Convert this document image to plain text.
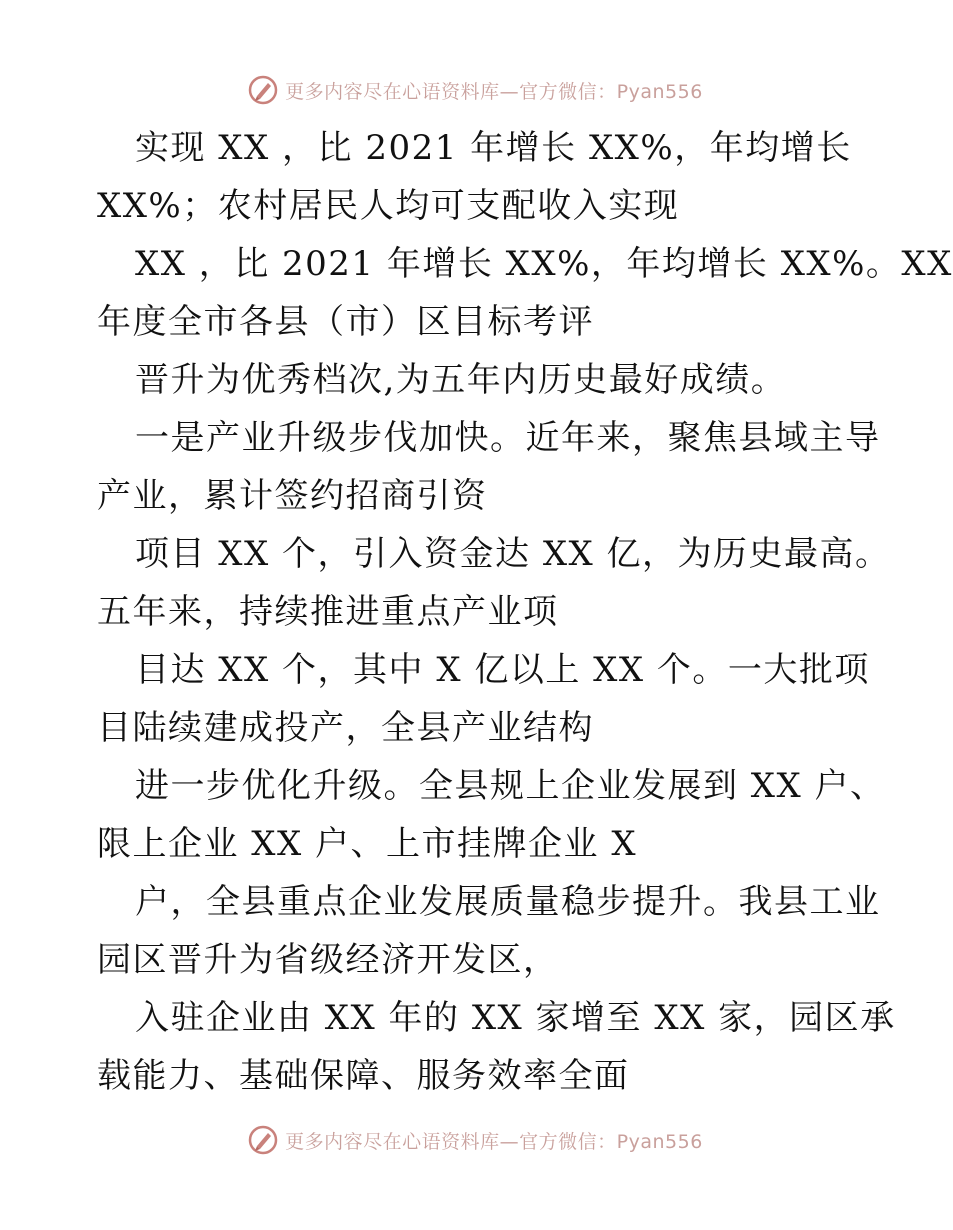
更多内容尽在心语资料库—官方微信：Pyan556
实现 XX ，比 2021 年增长 XX%，年均增长
XX%；农村居民人均可支配收入实现
XX ，比 2021 年增长 XX%，年均增长 XX%。XX
年度全市各县（市）区目标考评
晋升为优秀档次,为五年内历史最好成绩。
一是产业升级步伐加快。近年来，聚焦县域主导
产业，累计签约招商引资
项目 XX 个，引入资金达 XX 亿，为历史最高。
五年来，持续推进重点产业项
目达 XX 个，其中 X 亿以上 XX 个。一大批项
目陆续建成投产，全县产业结构
进一步优化升级。全县规上企业发展到 XX 户、
限上企业 XX 户、上市挂牌企业 X
户，全县重点企业发展质量稳步提升。我县工业
园区晋升为省级经济开发区，
入驻企业由 XX 年的 XX 家增至 XX 家，园区承
载能力、基础保障、服务效率全面
更多内容尽在心语资料库—官方微信：Pyan556
